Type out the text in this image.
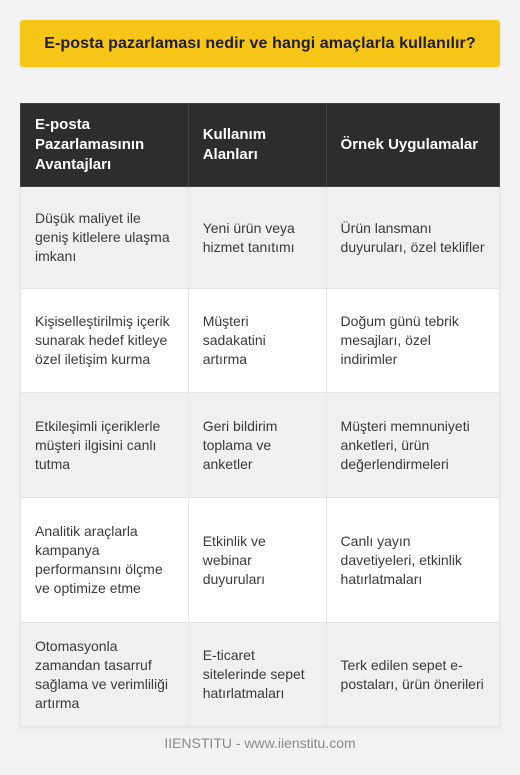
E-posta pazarlaması nedir ve hangi amaçlarla kullanılır?
E-posta Pazarlamasının Avantajları	Kullanım Alanları	Örnek Uygulamalar
Düşük maliyet ile geniş kitlelere ulaşma imkanı	Yeni ürün veya hizmet tanıtımı	Ürün lansmanı duyuruları, özel teklifler
Kişiselleştirilmiş içerik sunarak hedef kitleye özel iletişim kurma	Müşteri sadakatini artırma	Doğum günü tebrik mesajları, özel indirimler
Etkileşimli içeriklerle müşteri ilgisini canlı tutma	Geri bildirim toplama ve anketler	Müşteri memnuniyeti anketleri, ürün değerlendirmeleri
Analitik araçlarla kampanya performansını ölçme ve optimize etme	Etkinlik ve webinar duyuruları	Canlı yayın davetiyeleri, etkinlik hatırlatmaları
Otomasyonla zamandan tasarruf sağlama ve verimliliği artırma	E-ticaret sitelerinde sepet hatırlatmaları	Terk edilen sepet e-postaları, ürün önerileri
IIENSTITU - www.iienstitu.com
